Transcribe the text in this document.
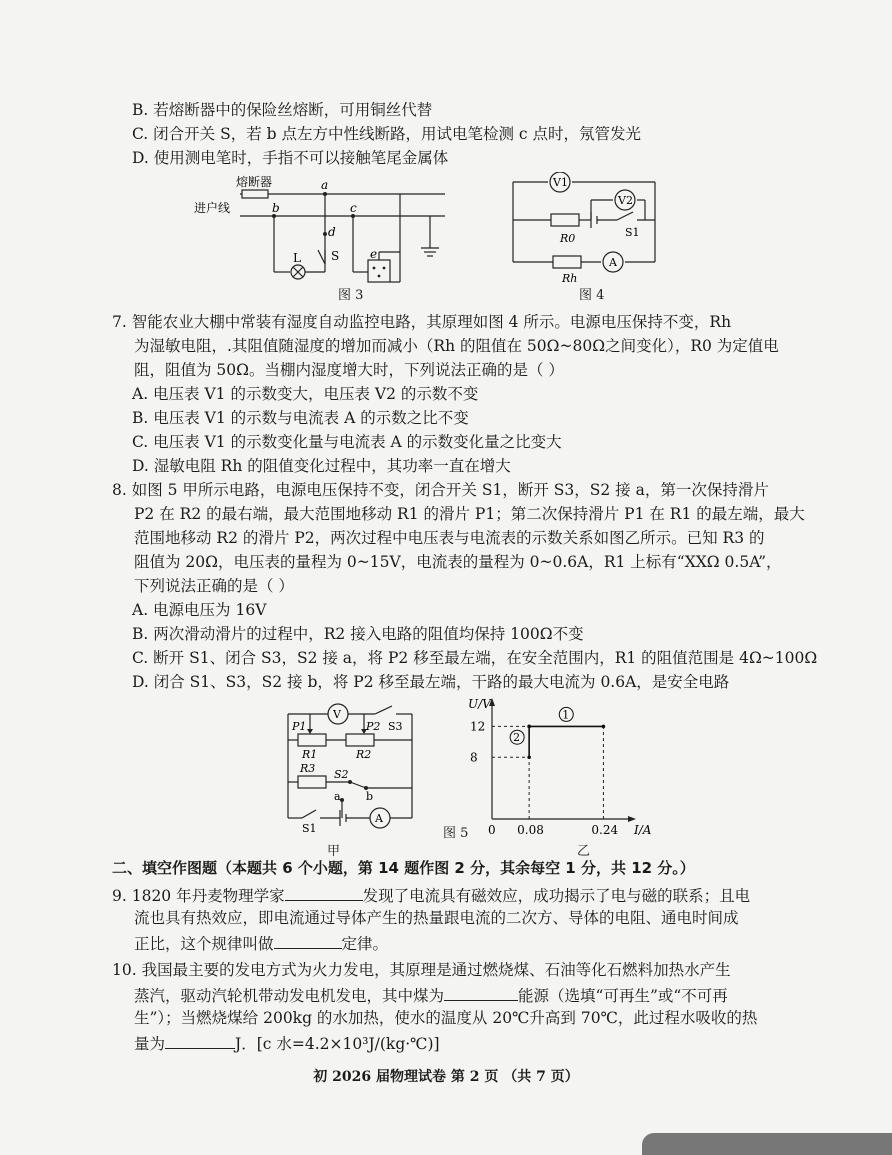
B. 若熔断器中的保险丝熔断，可用铜丝代替
C. 闭合开关 S，若 b 点左方中性线断路，用试电笔检测 c 点时，氖管发光
D. 使用测电笔时，手指不可以接触笔尾金属体
熔断器
进户线
a
b	c
d
e
L	S
图 3
V1
V2
R0	S1
Rh
A
图 4
7. 智能农业大棚中常装有湿度自动监控电路，其原理如图 4 所示。电源电压保持不变，Rh
为湿敏电阻，.其阻值随湿度的增加而减小（Rh 的阻值在 50Ω~80Ω之间变化），R0 为定值电
阻，阻值为 50Ω。当棚内湿度增大时，下列说法正确的是（ ）
A. 电压表 V1 的示数变大，电压表 V2 的示数不变
B. 电压表 V1 的示数与电流表 A 的示数之比不变
C. 电压表 V1 的示数变化量与电流表 A 的示数变化量之比变大
D. 湿敏电阻 Rh 的阻值变化过程中，其功率一直在增大
8. 如图 5 甲所示电路，电源电压保持不变，闭合开关 S1，断开 S3，S2 接 a，第一次保持滑片
P2 在 R2 的最右端，最大范围地移动 R1 的滑片 P1；第二次保持滑片 P1 在 R1 的最左端，最大
范围地移动 R2 的滑片 P2，两次过程中电压表与电流表的示数关系如图乙所示。已知 R3 的
阻值为 20Ω，电压表的量程为 0~15V，电流表的量程为 0~0.6A，R1 上标有“XXΩ 0.5A”，
下列说法正确的是（ ）
A. 电源电压为 16V
B. 两次滑动滑片的过程中，R2 接入电路的阻值均保持 100Ω不变
C. 断开 S1、闭合 S3，S2 接 a，将 P2 移至最左端，在安全范围内，R1 的阻值范围是 4Ω~100Ω
D. 闭合 S1、S3，S2 接 b，将 P2 移至最左端，干路的最大电流为 0.6A，是安全电路
P1	P2 S3
R1	R2
R3 S2
a b
S1
V
A
甲
图 5
U/V
I/A
0 0.08	0.24
12
8
1
2
乙
二、填空作图题（本题共 6 个小题，第 14 题作图 2 分，其余每空 1 分，共 12 分。）
9. 1820 年丹麦物理学家	发现了电流具有磁效应，成功揭示了电与磁的联系；且电
流也具有热效应，即电流通过导体产生的热量跟电流的二次方、导体的电阻、通电时间成
正比，这个规律叫做	定律。
10. 我国最主要的发电方式为火力发电，其原理是通过燃烧煤、石油等化石燃料加热水产生
蒸汽，驱动汽轮机带动发电机发电，其中煤为	能源（选填“可再生”或“不可再
生”）；当燃烧煤给 200kg 的水加热，使水的温度从 20℃升高到 70℃，此过程水吸收的热
量为	J．[c 水=4.2×10³J/(kg·℃)]
初 2026 届物理试卷 第 2 页 （共 7 页）
